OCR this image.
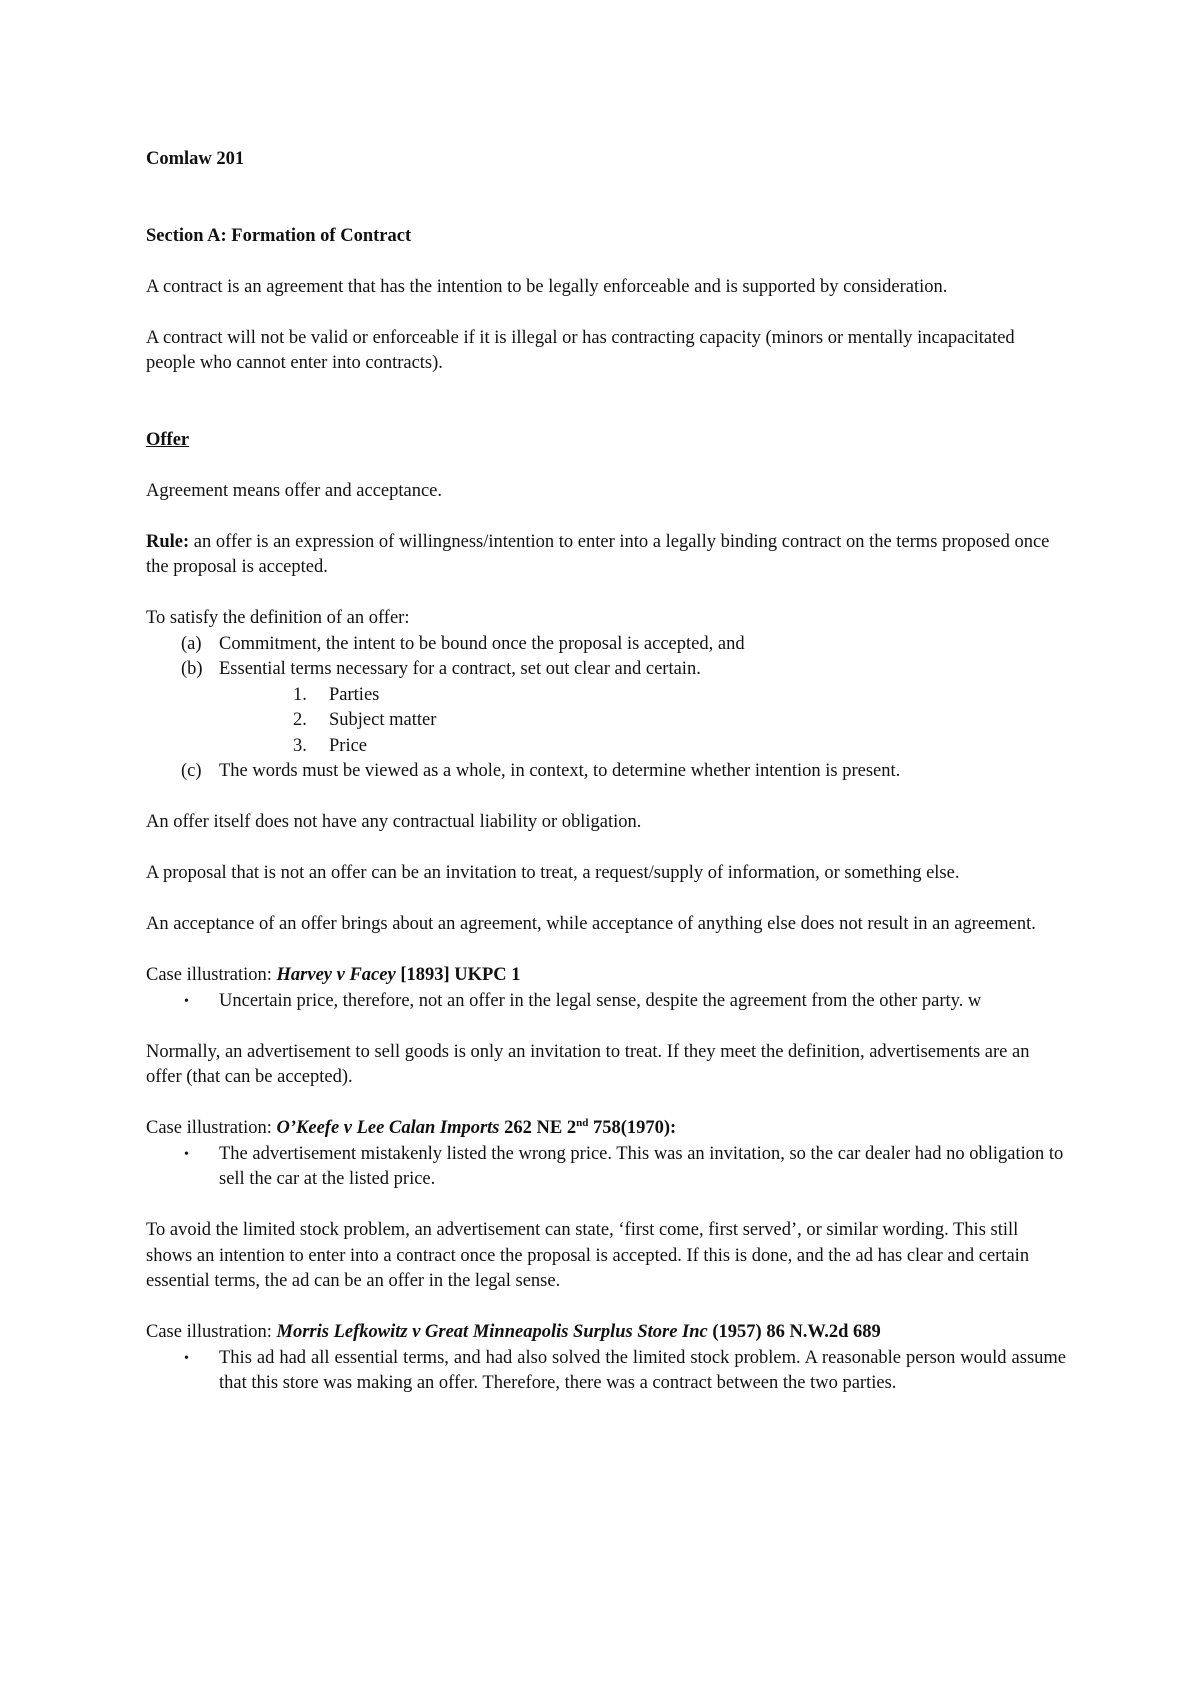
Comlaw 201

Section A: Formation of Contract

A contract is an agreement that has the intention to be legally enforceable and is supported by consideration.

A contract will not be valid or enforceable if it is illegal or has contracting capacity (minors or mentally incapacitated people who cannot enter into contracts).

Offer

Agreement means offer and acceptance.

Rule: an offer is an expression of willingness/intention to enter into a legally binding contract on the terms proposed once the proposal is accepted.

To satisfy the definition of an offer:
(a) Commitment, the intent to be bound once the proposal is accepted, and
(b) Essential terms necessary for a contract, set out clear and certain.
1. Parties
2. Subject matter
3. Price
(c) The words must be viewed as a whole, in context, to determine whether intention is present.

An offer itself does not have any contractual liability or obligation.

A proposal that is not an offer can be an invitation to treat, a request/supply of information, or something else.

An acceptance of an offer brings about an agreement, while acceptance of anything else does not result in an agreement.

Case illustration: Harvey v Facey [1893] UKPC 1
• Uncertain price, therefore, not an offer in the legal sense, despite the agreement from the other party. w

Normally, an advertisement to sell goods is only an invitation to treat. If they meet the definition, advertisements are an offer (that can be accepted).

Case illustration: O’Keefe v Lee Calan Imports 262 NE 2nd 758(1970):
• The advertisement mistakenly listed the wrong price. This was an invitation, so the car dealer had no obligation to sell the car at the listed price.

To avoid the limited stock problem, an advertisement can state, ‘first come, first served’, or similar wording. This still shows an intention to enter into a contract once the proposal is accepted. If this is done, and the ad has clear and certain essential terms, the ad can be an offer in the legal sense.

Case illustration: Morris Lefkowitz v Great Minneapolis Surplus Store Inc (1957) 86 N.W.2d 689
• This ad had all essential terms, and had also solved the limited stock problem. A reasonable person would assume that this store was making an offer. Therefore, there was a contract between the two parties.
